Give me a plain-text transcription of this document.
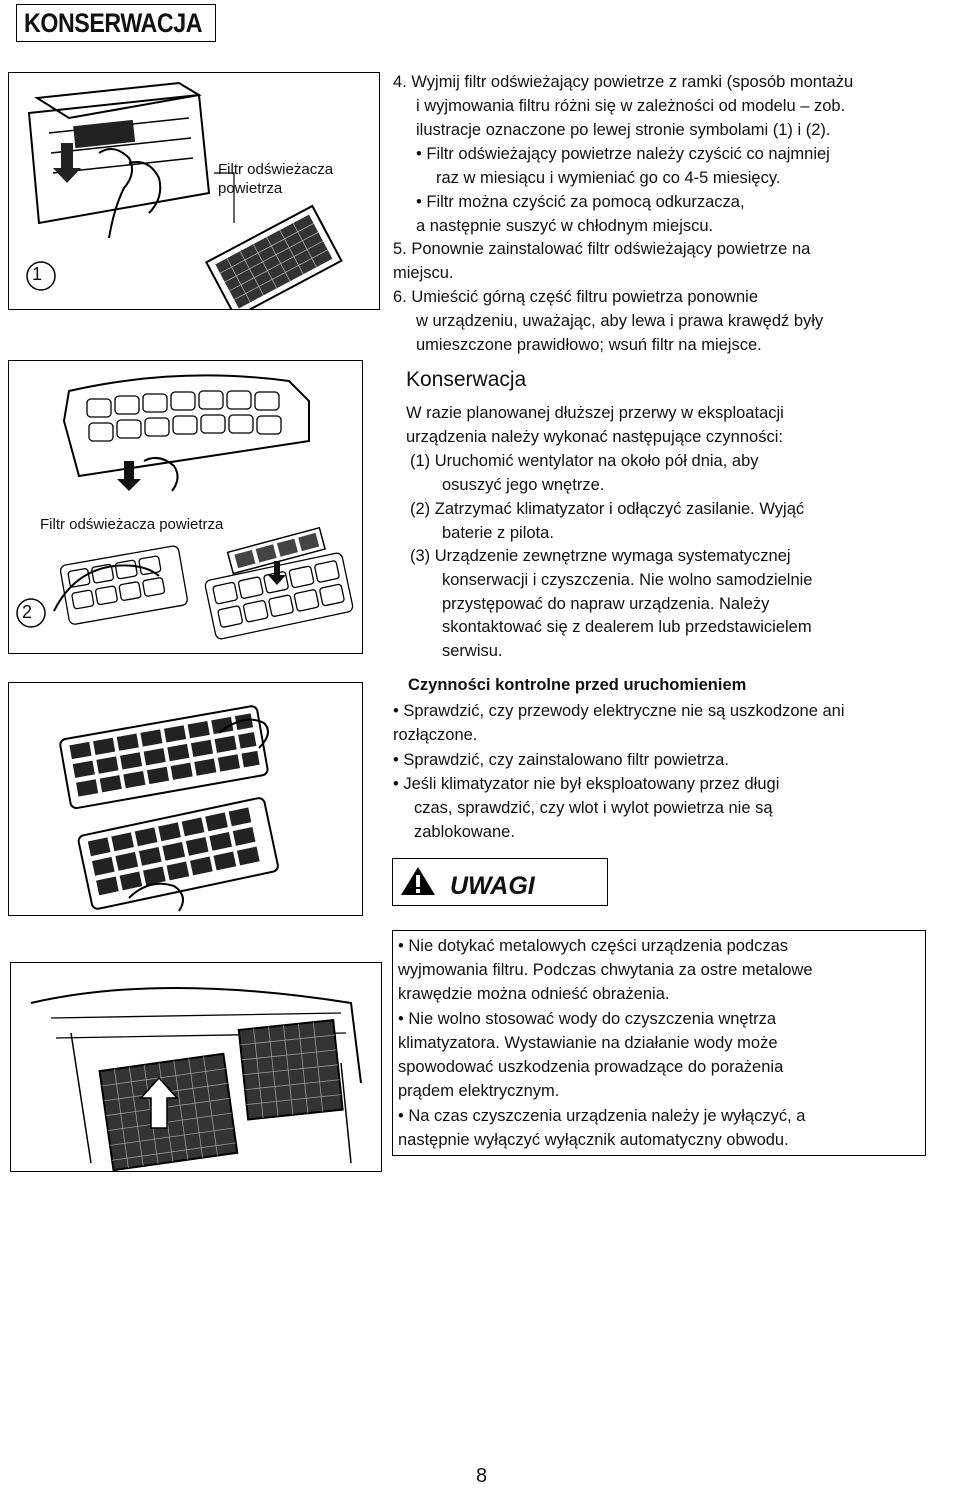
KONSERWACJA
Filtr odświeżacza
powietrza
1
Filtr odświeżacza powietrza
2

4. Wyjmij filtr odświeżający powietrze z ramki (sposób montażu

i wyjmowania filtru różni się w zależności od modelu – zob.

ilustracje oznaczone po lewej stronie symbolami (1) i (2).

• Filtr odświeżający powietrze należy czyścić co najmniej

raz w miesiącu i wymieniać go co 4-5 miesięcy.

• Filtr można czyścić za pomocą odkurzacza,

a następnie suszyć w chłodnym miejscu.

5. Ponownie zainstalować filtr odświeżający powietrze na

miejscu.

6. Umieścić górną część filtru powietrza ponownie

w urządzeniu, uważając, aby lewa i prawa krawędź były

umieszczone prawidłowo; wsuń filtr na miejsce.

Konserwacja

W razie planowanej dłuższej przerwy w eksploatacji

urządzenia należy wykonać następujące czynności:

(1) Uruchomić wentylator na około pół dnia, aby

osuszyć jego wnętrze.

(2) Zatrzymać klimatyzator i odłączyć zasilanie. Wyjąć

baterie z pilota.

(3) Urządzenie zewnętrzne wymaga systematycznej

konserwacji i czyszczenia. Nie wolno samodzielnie

przystępować do napraw urządzenia. Należy

skontaktować się z dealerem lub przedstawicielem

serwisu.

Czynności kontrolne przed uruchomieniem

• Sprawdzić, czy przewody elektryczne nie są uszkodzone ani

rozłączone.

• Sprawdzić, czy zainstalowano filtr powietrza.

• Jeśli klimatyzator nie był eksploatowany przez długi

czas, sprawdzić, czy wlot i wylot powietrza nie są

zablokowane.

UWAGI

• Nie dotykać metalowych części urządzenia podczas

wyjmowania filtru. Podczas chwytania za ostre metalowe

krawędzie można odnieść obrażenia.

• Nie wolno stosować wody do czyszczenia wnętrza

klimatyzatora. Wystawianie na działanie wody może

spowodować uszkodzenia prowadzące do porażenia

prądem elektrycznym.

• Na czas czyszczenia urządzenia należy je wyłączyć, a

następnie wyłączyć wyłącznik automatyczny obwodu.

8
